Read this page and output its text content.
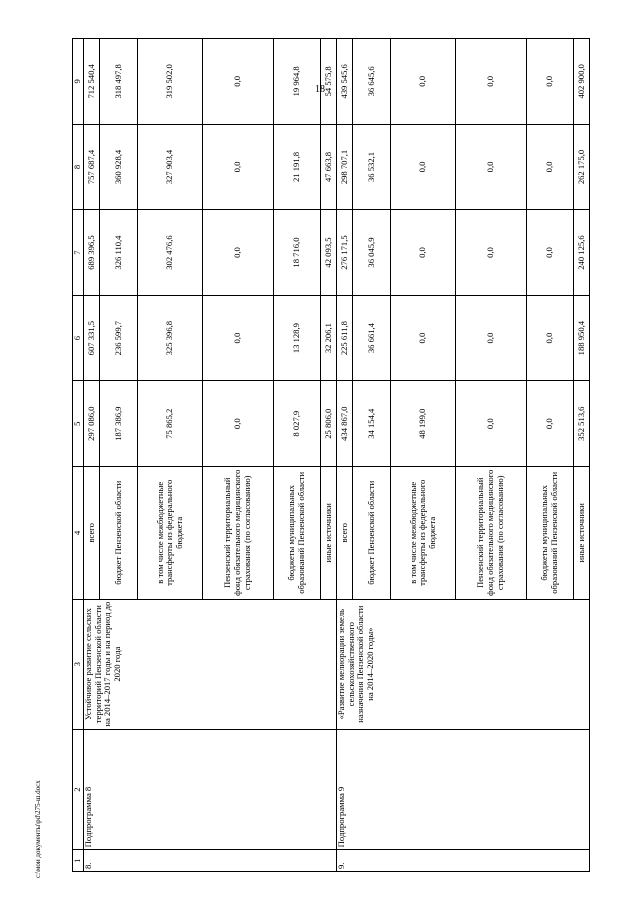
18
1	2	3	4	5	6	7	8	9
8.	Подпрограмма 8	Устойчивое развитие сельских территорий Пензенской области на 2014–2017 годы и на период до 2020 года	всего	297 086,0	607 331,5	689 396,5	757 687,4	712 540,4
			бюджет Пензенской области	187 386,9	236 599,7	326 110,4	360 928,4	318 497,8
			в том числе межбюджетные трансферты из федерального бюджета	75 865,2	325 396,8	302 476,6	327 903,4	319 502,0
			Пензенский территориальный фонд обязательного медицинского страхования (по согласованию)	0,0	0,0	0,0	0,0	0,0
			бюджеты муниципальных образований Пензенской области	8 027,9	13 128,9	18 716,0	21 191,8	19 964,8
			иные источники	25 806,0	32 206,1	42 093,5	47 663,8	54 575,8
9.	Подпрограмма 9	«Развитие мелиорации земель сельскохозяйственного назначения Пензенской области на 2014–2020 годы»	всего	434 867,0	225 611,8	276 171,5	298 707,1	439 545,6
			бюджет Пензенской области	34 154,4	36 661,4	36 045,9	36 532,1	36 645,6
			в том числе межбюджетные трансферты из федерального бюджета	48 199,0	0,0	0,0	0,0	0,0
			Пензенский территориальный фонд обязательного медицинского страхования (по согласованию)	0,0	0,0	0,0	0,0	0,0
			бюджеты муниципальных образований Пензенской области	0,0	0,0	0,0	0,0	0,0
			иные источники	352 513,6	188 950,4	240 125,6	262 175,0	402 900,0
c:\мои документы\pd\275-ш.docx
